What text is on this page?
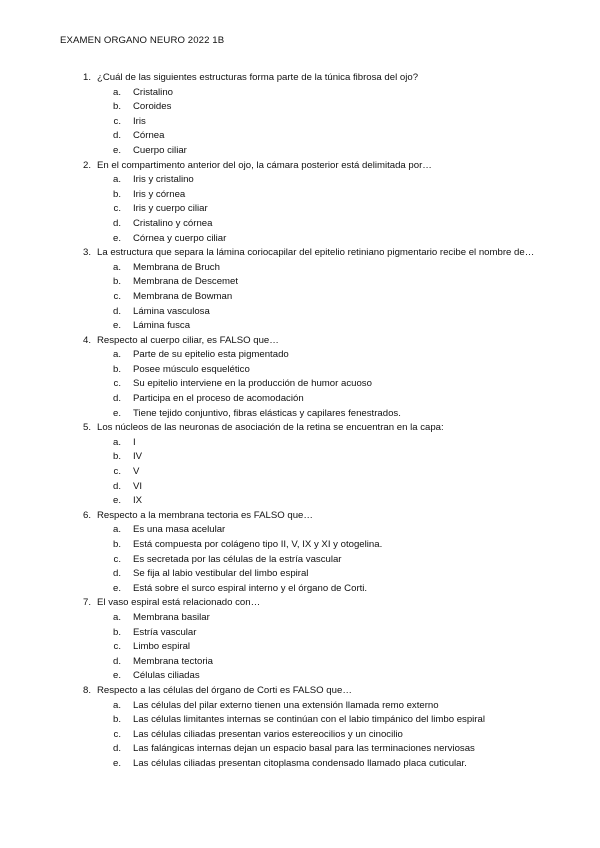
EXAMEN ORGANO NEURO 2022 1B
1. ¿Cuál de las siguientes estructuras forma parte de la túnica fibrosa del ojo?
a.	Cristalino
b.	Coroides
c.	Iris
d.	Córnea
e.	Cuerpo ciliar
2. En el compartimento anterior del ojo, la cámara posterior está delimitada por…
a.	Iris y cristalino
b.	Iris y córnea
c.	Iris y cuerpo ciliar
d.	Cristalino y córnea
e.	Córnea y cuerpo ciliar
3. La estructura que separa la lámina coriocapilar del epitelio retiniano pigmentario recibe el nombre de…
a.	Membrana de Bruch
b.	Membrana de Descemet
c.	Membrana de Bowman
d.	Lámina vasculosa
e.	Lámina fusca
4. Respecto al cuerpo ciliar, es FALSO que…
a.	Parte de su epitelio esta pigmentado
b.	Posee músculo esquelético
c.	Su epitelio interviene en la producción de humor acuoso
d.	Participa en el proceso de acomodación
e.	Tiene tejido conjuntivo, fibras elásticas y capilares fenestrados.
5. Los núcleos de las neuronas de asociación de la retina se encuentran en la capa:
a.	I
b.	IV
c.	V
d.	VI
e.	IX
6. Respecto a la membrana tectoria es FALSO que…
a.	Es una masa acelular
b.	Está compuesta por colágeno tipo II, V, IX y XI y otogelina.
c.	Es secretada por las células de la estría vascular
d.	Se fija al labio vestibular del limbo espiral
e.	Está sobre el surco espiral interno y el órgano de Corti.
7. El vaso espiral está relacionado con…
a.	Membrana basilar
b.	Estría vascular
c.	Limbo espiral
d.	Membrana tectoria
e.	Células ciliadas
8. Respecto a las células del órgano de Corti es FALSO que…
a.	Las células del pilar externo tienen una extensión llamada remo externo
b.	Las células limitantes internas se continúan con el labio timpánico del limbo espiral
c.	Las células ciliadas presentan varios estereocilios y un cinocilio
d.	Las falángicas internas dejan un espacio basal para las terminaciones nerviosas
e.	Las células ciliadas presentan citoplasma condensado llamado placa cuticular.
